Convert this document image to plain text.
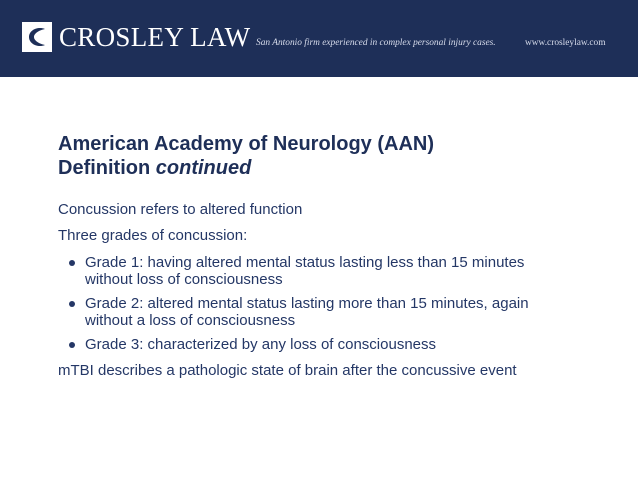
CROSLEY LAW San Antonio firm experienced in complex personal injury cases.	www.crosleylaw.com
American Academy of Neurology (AAN)
Definition continued

Concussion refers to altered function

Three grades of concussion:

Grade 1: having altered mental status lasting less than 15 minutes
without loss of consciousness
Grade 2: altered mental status lasting more than 15 minutes, again
without a loss of consciousness
Grade 3: characterized by any loss of consciousness

mTBI describes a pathologic state of brain after the concussive event
